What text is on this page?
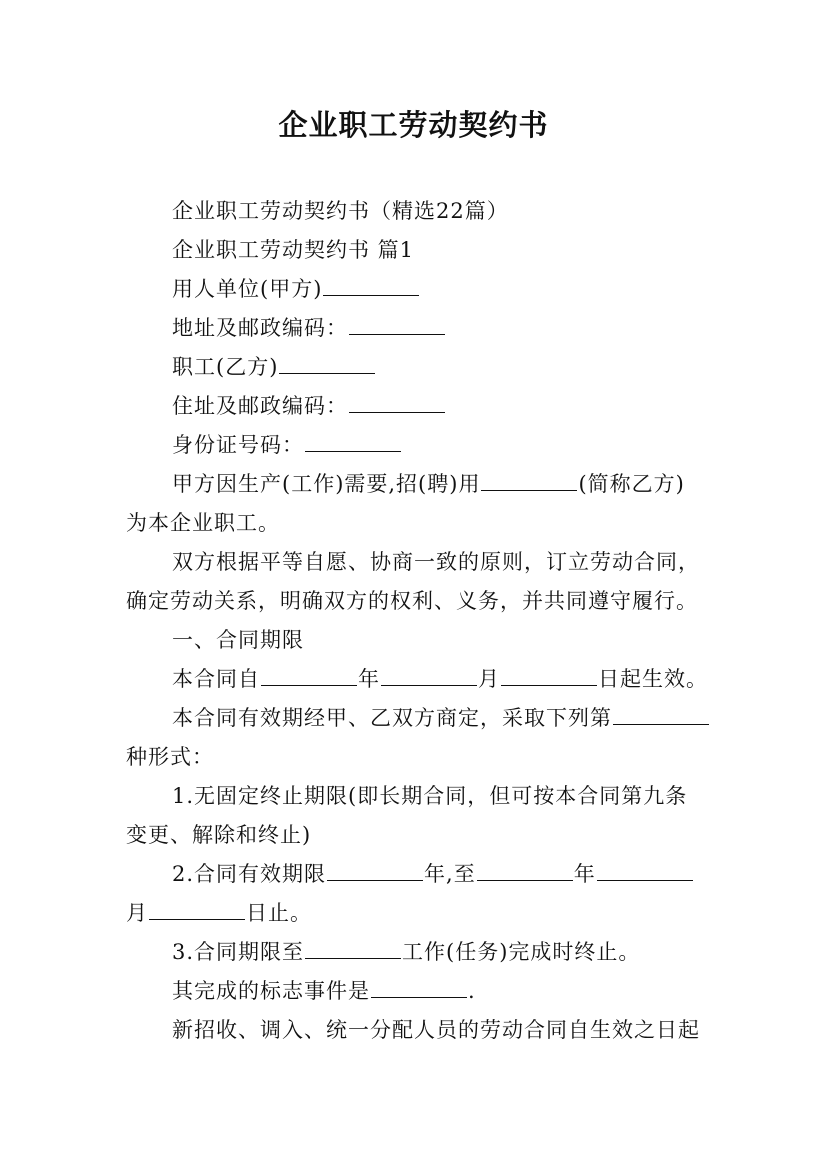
企业职工劳动契约书
企业职工劳动契约书（精选22篇）
企业职工劳动契约书 篇1
用人单位(甲方)
地址及邮政编码：
职工(乙方)
住址及邮政编码：
身份证号码：
甲方因生产(工作)需要,招(聘)用	(简称乙方)
为本企业职工。
双方根据平等自愿、协商一致的原则，订立劳动合同，
确定劳动关系，明确双方的权利、义务，并共同遵守履行。
一、合同期限
本合同自	年	月	日起生效。
本合同有效期经甲、乙双方商定，采取下列第
种形式：
1.无固定终止期限(即长期合同，但可按本合同第九条
变更、解除和终止)
2.合同有效期限	年,至	年
月	日止。
3.合同期限至	工作(任务)完成时终止。
其完成的标志事件是	.
新招收、调入、统一分配人员的劳动合同自生效之日起
